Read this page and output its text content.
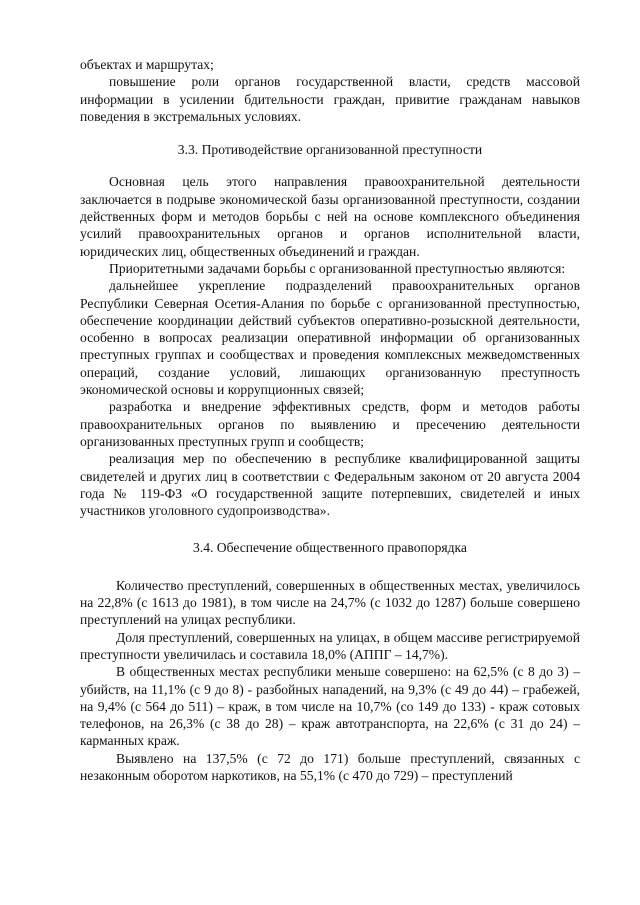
объектах и маршрутах;

повышение роли органов государственной власти, средств массовой информации в усилении бдительности граждан, привитие гражданам навыков поведения в экстремальных условиях.

3.3. Противодействие организованной преступности

Основная цель этого направления правоохранительной деятельности заключается в подрыве экономической базы организованной преступности, создании действенных форм и методов борьбы с ней на основе комплексного объединения усилий правоохранительных органов и органов исполнительной власти, юридических лиц, общественных объединений и граждан.

Приоритетными задачами борьбы с организованной преступностью являются:

дальнейшее укрепление подразделений правоохранительных органов Республики Северная Осетия-Алания по борьбе с организованной преступностью, обеспечение координации действий субъектов оперативно-розыскной деятельности, особенно в вопросах реализации оперативной информации об организованных преступных группах и сообществах и проведения комплексных межведомственных операций, создание условий, лишающих организованную преступность экономической основы и коррупционных связей;

разработка и внедрение эффективных средств, форм и методов работы правоохранительных органов по выявлению и пресечению деятельности организованных преступных групп и сообществ;

реализация мер по обеспечению в республике квалифицированной защиты свидетелей и других лиц в соответствии с Федеральным законом от 20 августа 2004 года № 119-ФЗ «О государственной защите потерпевших, свидетелей и иных участников уголовного судопроизводства».

3.4. Обеспечение общественного правопорядка

Количество преступлений, совершенных в общественных местах, увеличилось на 22,8% (с 1613 до 1981), в том числе на 24,7% (с 1032 до 1287) больше совершено преступлений на улицах республики.

Доля преступлений, совершенных на улицах, в общем массиве регистрируемой преступности увеличилась и составила 18,0% (АППГ – 14,7%).

В общественных местах республики меньше совершено: на 62,5% (с 8 до 3) – убийств, на 11,1% (с 9 до 8) - разбойных нападений, на 9,3% (с 49 до 44) – грабежей, на 9,4% (с 564 до 511) – краж, в том числе на 10,7% (со 149 до 133) - краж сотовых телефонов, на 26,3% (с 38 до 28) – краж автотранспорта, на 22,6% (с 31 до 24) – карманных краж.

Выявлено на 137,5% (с 72 до 171) больше преступлений, связанных с незаконным оборотом наркотиков, на 55,1% (с 470 до 729) – преступлений
